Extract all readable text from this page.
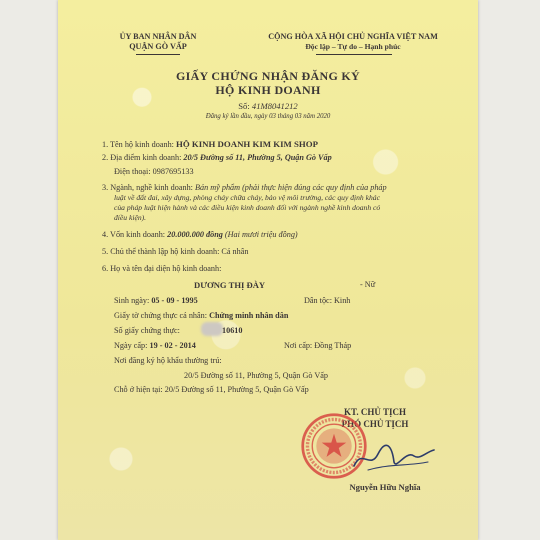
ỦY BAN NHÂN DÂN
QUẬN GÒ VẤP
CỘNG HÒA XÃ HỘI CHỦ NGHĨA VIỆT NAM
Độc lập – Tự do – Hạnh phúc
GIẤY CHỨNG NHẬN ĐĂNG KÝ
HỘ KINH DOANH
Số: 41M8041212
Đăng ký lần đầu, ngày 03 tháng 03 năm 2020
1. Tên hộ kinh doanh: HỘ KINH DOANH KIM KIM SHOP
2. Địa điểm kinh doanh: 20/5 Đường số 11, Phường 5, Quận Gò Vấp
Điện thoại: 0987695133
3. Ngành, nghề kinh doanh: Bán mỹ phẩm (phải thực hiện đúng các quy định của pháp
luật về đất đai, xây dựng, phòng cháy chữa cháy, bảo vệ môi trường, các quy định khác
của pháp luật hiện hành và các điều kiện kinh doanh đối với ngành nghề kinh doanh có
điều kiện).
4. Vốn kinh doanh: 20.000.000 đồng (Hai mươi triệu đồng)
5. Chủ thể thành lập hộ kinh doanh: Cá nhân
6. Họ và tên đại diện hộ kinh doanh:
DƯƠNG THỊ ĐÀY	- Nữ
Sinh ngày: 05 - 09 - 1995	Dân tộc: Kinh
Giấy tờ chứng thực cá nhân: Chứng minh nhân dân
Số giấy chứng thực:	10610
Ngày cấp: 19 - 02 - 2014	Nơi cấp: Đồng Tháp
Nơi đăng ký hộ khẩu thường trú:
20/5 Đường số 11, Phường 5, Quận Gò Vấp
Chỗ ở hiện tại: 20/5 Đường số 11, Phường 5, Quận Gò Vấp
KT. CHỦ TỊCH
PHÓ CHỦ TỊCH
Nguyễn Hữu Nghĩa
